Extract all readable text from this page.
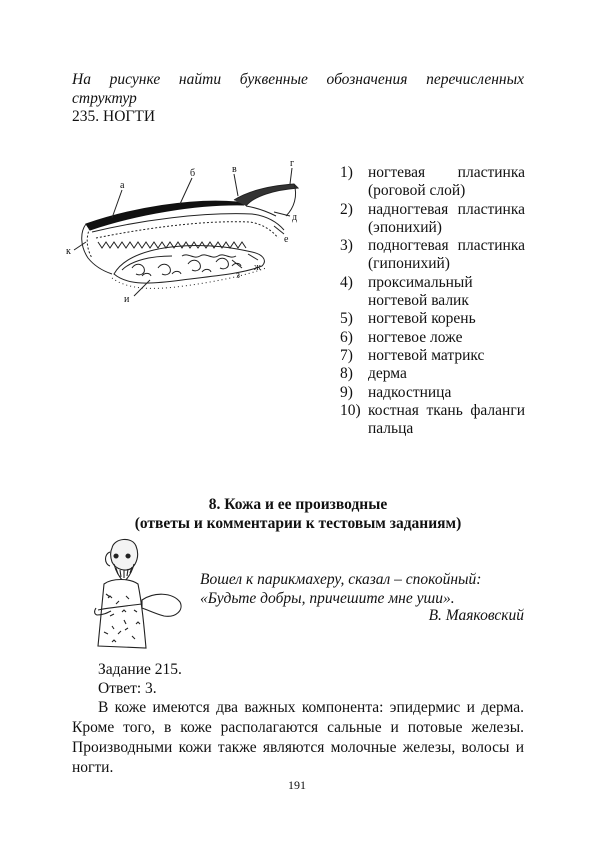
На рисунке найти буквенные обозначения перечисленных
структур
235. НОГТИ
а
б	в
г
д
е
ж
з
и
к
1) ногтевая пластинка (роговой слой)
2) надногтевая пластинка (эпонихий)
3) подногтевая пластинка (гипонихий)
4) проксимальный ногтевой валик
5) ногтевой корень
6) ногтевое ложе
7) ногтевой матрикс
8) дерма
9) надкостница
10) костная ткань фаланги пальца
8. Кожа и ее производные
(ответы и комментарии к тестовым заданиям)
Вошел к парикмахеру, сказал – спокойный:
«Будьте добры, причешите мне уши».
В. Маяковский
Задание 215.
Ответ: 3.

В коже имеются два важных компонента: эпидермис и дерма. Кроме того, в коже располагаются сальные и потовые железы. Производными кожи также являются молочные железы, волосы и ногти.

191
